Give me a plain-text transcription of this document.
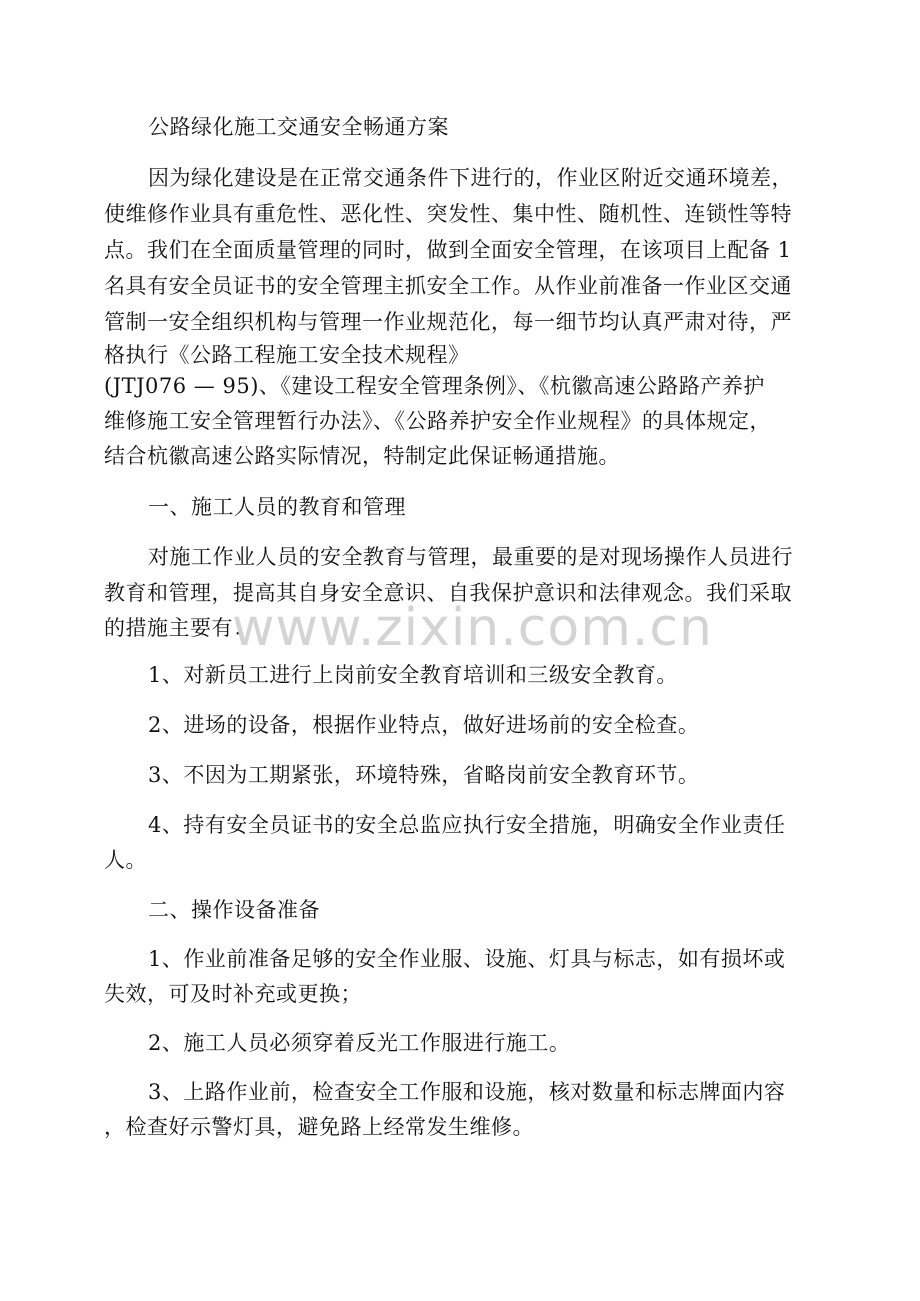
公路绿化施工交通安全畅通方案
因为绿化建设是在正常交通条件下进行的，作业区附近交通环境差，
使维修作业具有重危性、恶化性、突发性、集中性、随机性、连锁性等特
点。我们在全面质量管理的同时，做到全面安全管理，在该项目上配备 1
名具有安全员证书的安全管理主抓安全工作。从作业前准备一作业区交通
管制一安全组织机构与管理一作业规范化，每一细节均认真严肃对待，严
格执行《公路工程施工安全技术规程》
(JTJ076 — 95)、《建设工程安全管理条例》、《杭徽高速公路路产养护
维修施工安全管理暂行办法》、《公路养护安全作业规程》的具体规定，
结合杭徽高速公路实际情况，特制定此保证畅通措施。
一、施工人员的教育和管理
对施工作业人员的安全教育与管理，最重要的是对现场操作人员进行
教育和管理，提高其自身安全意识、自我保护意识和法律观念。我们采取
的措施主要有：
1、对新员工进行上岗前安全教育培训和三级安全教育。
2、进场的设备，根据作业特点，做好进场前的安全检查。
3、不因为工期紧张，环境特殊，省略岗前安全教育环节。
4、持有安全员证书的安全总监应执行安全措施，明确安全作业责任
人。
二、操作设备准备
1、作业前准备足够的安全作业服、设施、灯具与标志，如有损坏或
失效，可及时补充或更换；
2、施工人员必须穿着反光工作服进行施工。
3、上路作业前，检查安全工作服和设施，核对数量和标志牌面内容
，检查好示警灯具，避免路上经常发生维修。
www.zixin.com.cn
